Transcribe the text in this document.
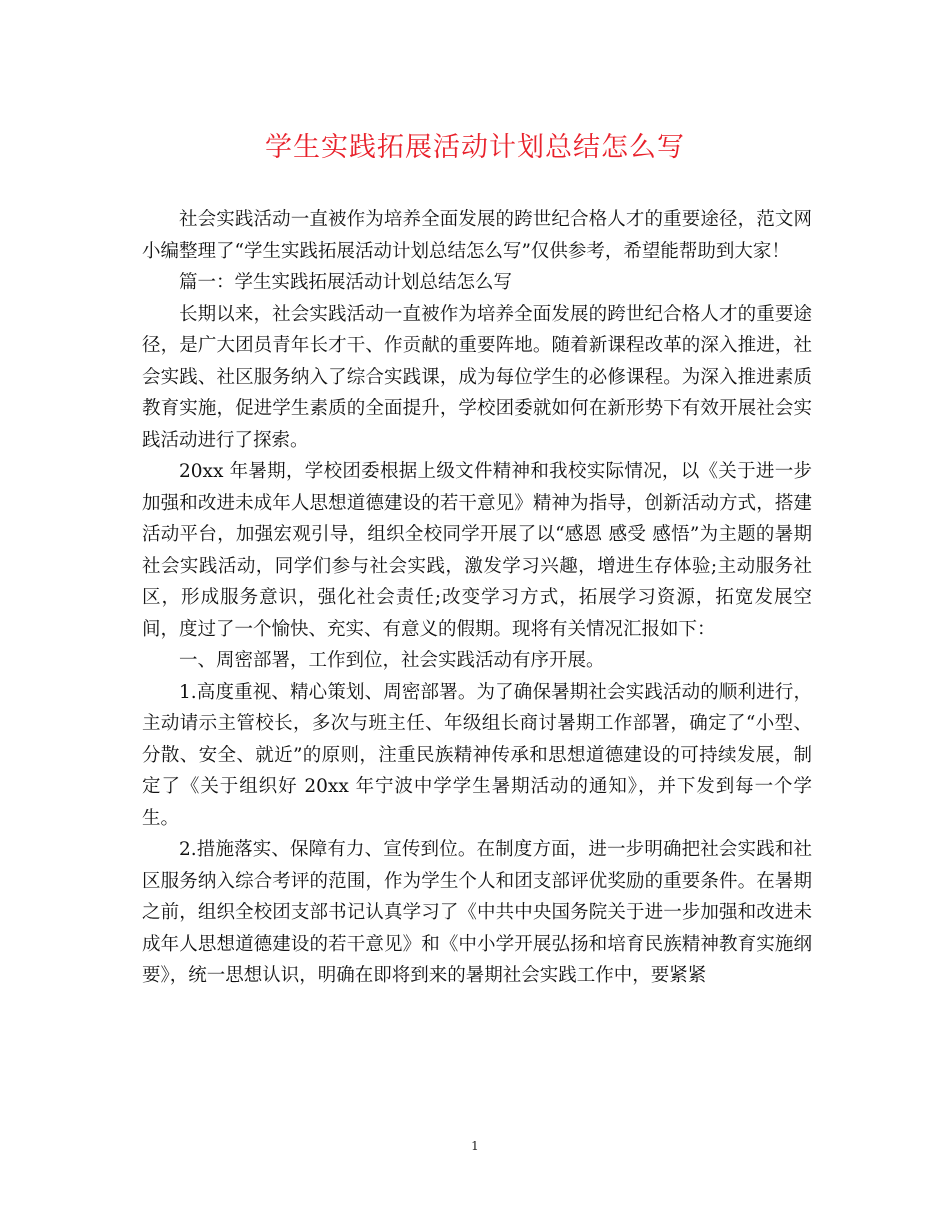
学生实践拓展活动计划总结怎么写

社会实践活动一直被作为培养全面发展的跨世纪合格人才的重要途径，范文网小编整理了“学生实践拓展活动计划总结怎么写”仅供参考，希望能帮助到大家！

篇一：学生实践拓展活动计划总结怎么写

长期以来，社会实践活动一直被作为培养全面发展的跨世纪合格人才的重要途径，是广大团员青年长才干、作贡献的重要阵地。随着新课程改革的深入推进，社会实践、社区服务纳入了综合实践课，成为每位学生的必修课程。为深入推进素质教育实施，促进学生素质的全面提升，学校团委就如何在新形势下有效开展社会实践活动进行了探索。

20xx 年暑期，学校团委根据上级文件精神和我校实际情况，以《关于进一步加强和改进未成年人思想道德建设的若干意见》精神为指导，创新活动方式，搭建活动平台，加强宏观引导，组织全校同学开展了以“感恩 感受 感悟”为主题的暑期社会实践活动，同学们参与社会实践，激发学习兴趣，增进生存体验;主动服务社区，形成服务意识，强化社会责任;改变学习方式，拓展学习资源，拓宽发展空间，度过了一个愉快、充实、有意义的假期。现将有关情况汇报如下：

一、周密部署，工作到位，社会实践活动有序开展。

1.高度重视、精心策划、周密部署。为了确保暑期社会实践活动的顺利进行，主动请示主管校长，多次与班主任、年级组长商讨暑期工作部署，确定了“小型、分散、安全、就近”的原则，注重民族精神传承和思想道德建设的可持续发展，制定了《关于组织好 20xx 年宁波中学学生暑期活动的通知》，并下发到每一个学生。

2.措施落实、保障有力、宣传到位。在制度方面，进一步明确把社会实践和社区服务纳入综合考评的范围，作为学生个人和团支部评优奖励的重要条件。在暑期之前，组织全校团支部书记认真学习了《中共中央国务院关于进一步加强和改进未成年人思想道德建设的若干意见》和《中小学开展弘扬和培育民族精神教育实施纲要》，统一思想认识，明确在即将到来的暑期社会实践工作中，要紧紧

1
